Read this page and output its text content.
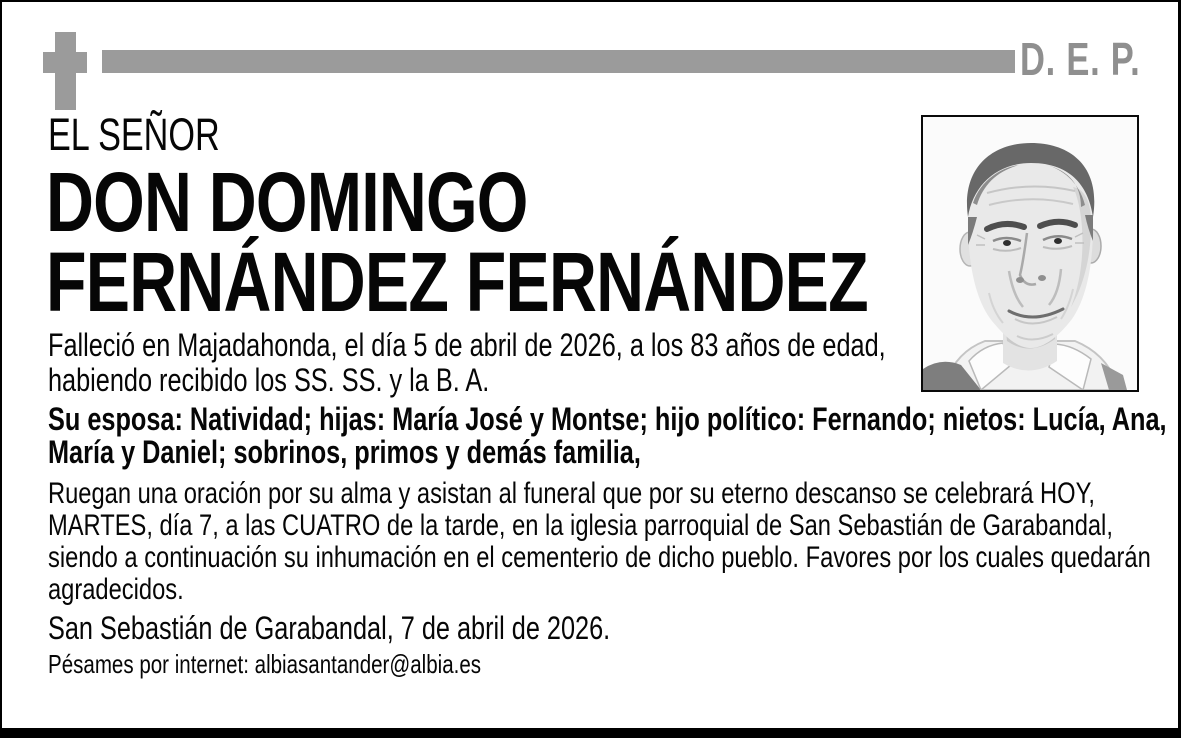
D. E. P.
EL SEÑOR
DON DOMINGO
FERNÁNDEZ FERNÁNDEZ
Falleció en Majadahonda, el día 5 de abril de 2026, a los 83 años de edad, habiendo recibido los SS. SS. y la B. A.
Su esposa: Natividad; hijas: María José y Montse; hijo político: Fernando; nietos: Lucía, Ana, María y Daniel; sobrinos, primos y demás familia,
Ruegan una oración por su alma y asistan al funeral que por su eterno descanso se celebrará HOY, MARTES, día 7, a las CUATRO de la tarde, en la iglesia parroquial de San Sebastián de Garabandal, siendo a continuación su inhumación en el cementerio de dicho pueblo. Favores por los cuales quedarán agradecidos.
San Sebastián de Garabandal, 7 de abril de 2026.
Pésames por internet: albiasantander@albia.es
